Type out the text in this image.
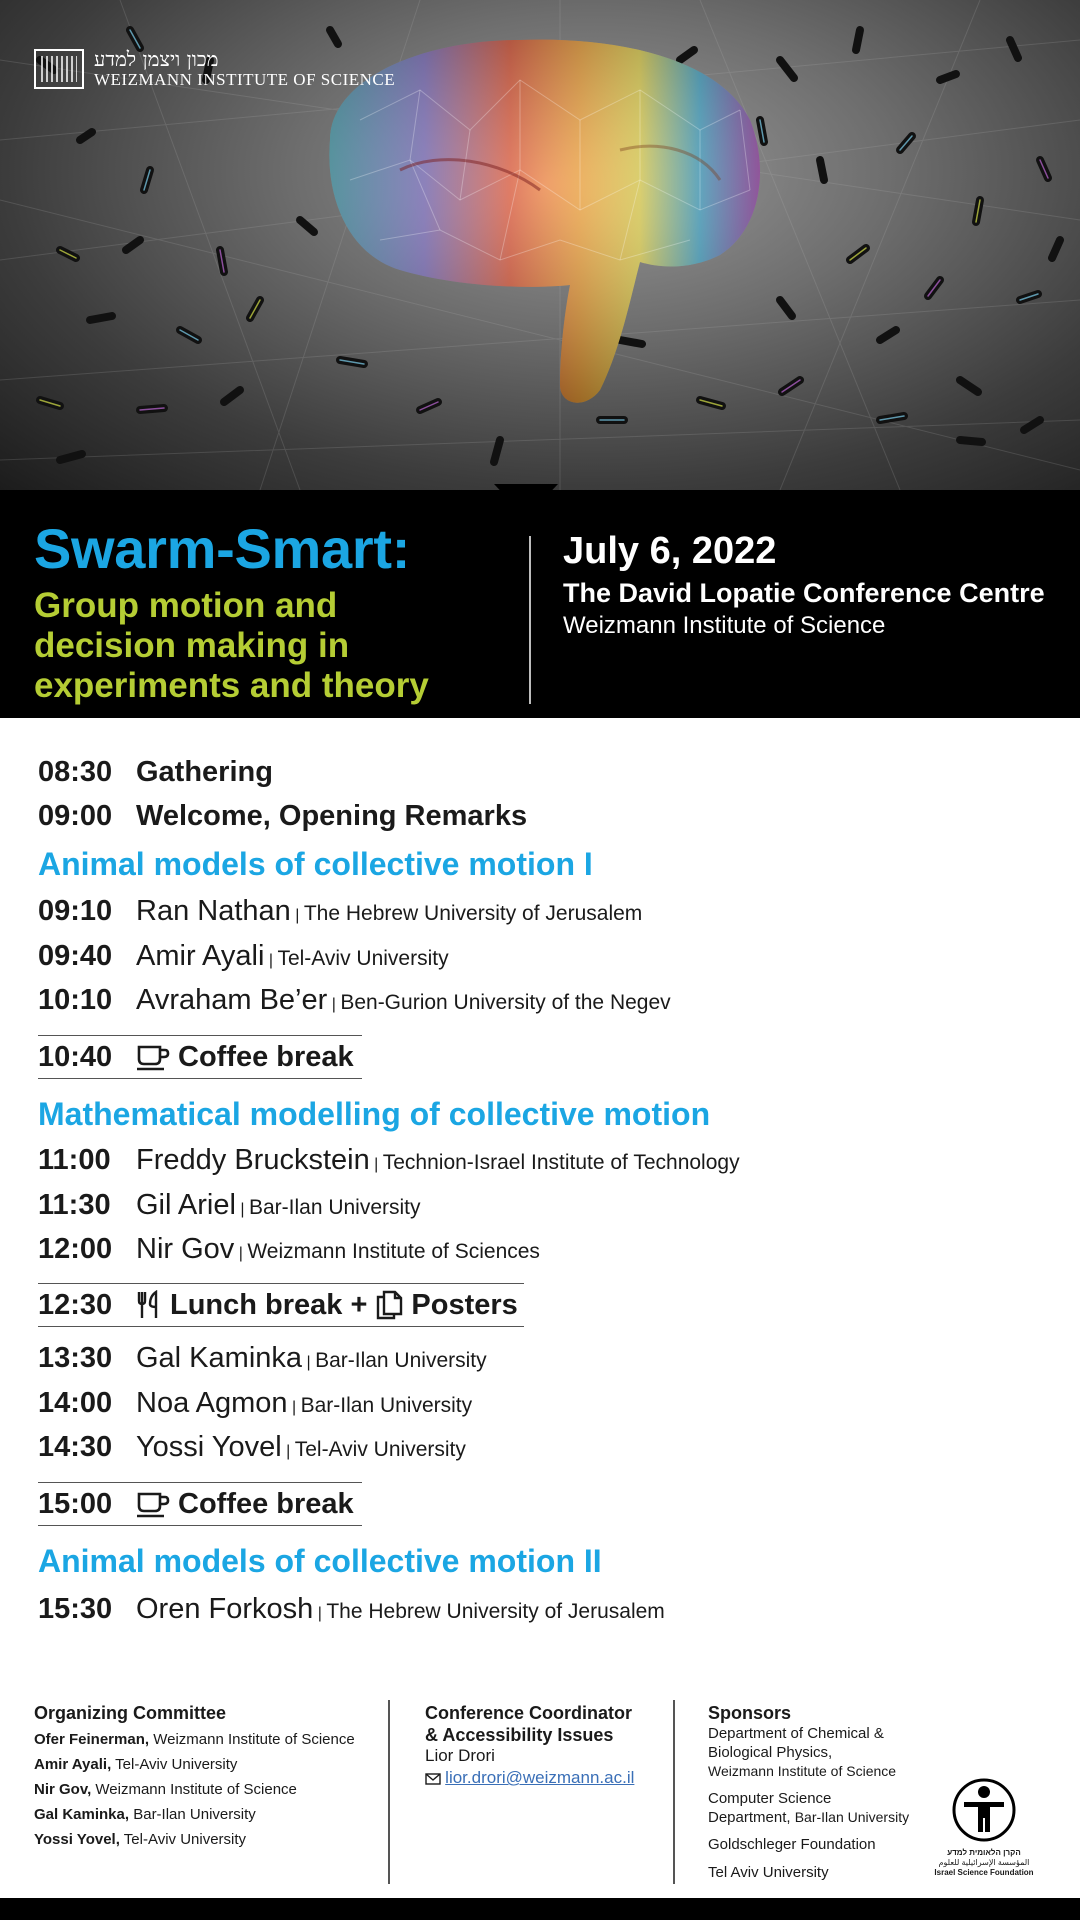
מכון ויצמן למדע
WEIZMANN INSTITUTE OF SCIENCE
Swarm-Smart:
Group motion and
decision making in
experiments and theory
July 6, 2022
The David Lopatie Conference Centre
Weizmann Institute of Science
08:30 Gathering
09:00 Welcome, Opening Remarks
Animal models of collective motion I
09:10 Ran Nathan | The Hebrew University of Jerusalem
09:40 Amir Ayali | Tel-Aviv University
10:10 Avraham Be’er | Ben-Gurion University of the Negev
10:40	Coffee break
Mathematical modelling of collective motion
11:00 Freddy Bruckstein | Technion-Israel Institute of Technology
11:30 Gil Ariel | Bar-Ilan University
12:00 Nir Gov | Weizmann Institute of Sciences
12:30	Lunch break + Posters
13:30 Gal Kaminka | Bar-Ilan University
14:00 Noa Agmon | Bar-Ilan University
14:30 Yossi Yovel | Tel-Aviv University
15:00	Coffee break
Animal models of collective motion II
15:30 Oren Forkosh | The Hebrew University of Jerusalem
Organizing Committee
Ofer Feinerman, Weizmann Institute of Science
Amir Ayali, Tel-Aviv University
Nir Gov, Weizmann Institute of Science
Gal Kaminka, Bar-Ilan University
Yossi Yovel, Tel-Aviv University
Conference Coordinator
& Accessibility Issues
Lior Drori
lior.drori@weizmann.ac.il
Sponsors
Department of Chemical &
Biological Physics,
Weizmann Institute of Science
Computer Science
Department, Bar-Ilan University
Goldschleger Foundation
Tel Aviv University
הקרן הלאומית למדע
المؤسسة الإسرائيلية للعلوم
Israel Science Foundation
